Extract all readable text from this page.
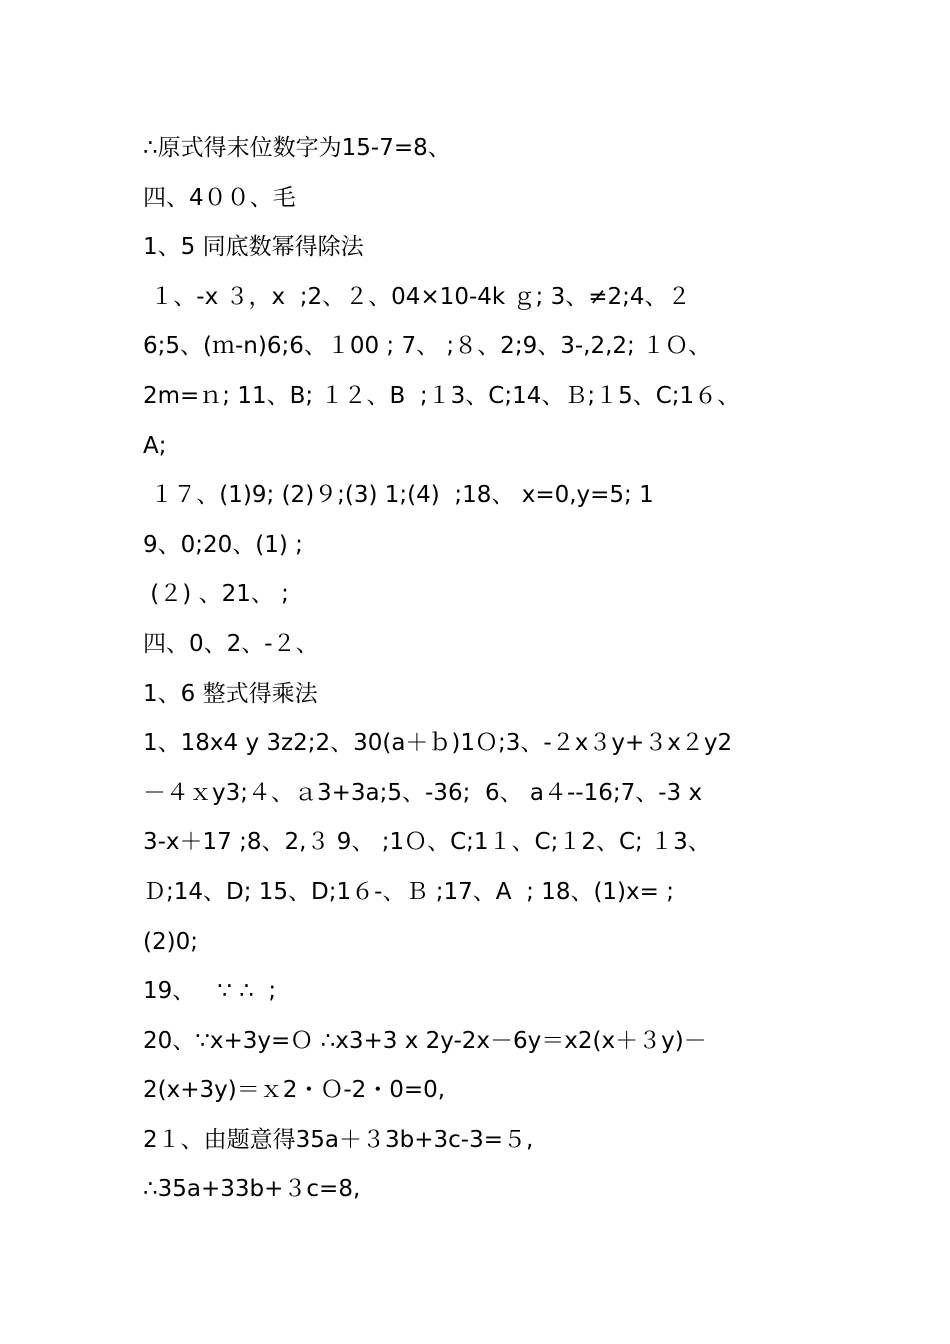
∴原式得末位数字为15-7=8、
四、4００、毛
1、5 同底数幂得除法
１、-x ３，x  ;2、２、04×10-4k ｇ; 3、≠2;4、２
6;5、(ｍ-n)6;6、１00 ; 7、 ;８、2;9、3-,2,2; １Ｏ、
2m=ｎ; 11、B; １２、B  ;１3、C;14、Ｂ;１5、C;1６、
A;
１７、(1)9; (2)９;(3) 1;(4)  ;18、 x=0,y=5; 1
9、0;20、(1) ;
(２) 、21、 ;
四、0、2、-２、
1、6 整式得乘法
1、18x4 y 3z2;2、30(a＋ｂ)1Ｏ;3、-２x３y+３x２y2
－４ｘy3;４、ａ3+3a;5、-36;  6、 a４--16;7、-3 x
3-x＋17 ;8、2,３ 9、 ;1Ｏ、C;1１、C;１2、C; １3、
Ｄ;14、D; 15、D;1６-、Ｂ ;17、A  ; 18、(1)x= ;
(2)0;
19、   ∵ ∴  ;
20、∵x+3y=Ｏ ∴x3+3 x 2y-2x－6y＝x2(x＋３y)－
2(x+3y)＝ｘ2・Ｏ-2・0=0,
2１、由题意得35a＋３3b+3c-3=５,
∴35a+33b+３c=8,
